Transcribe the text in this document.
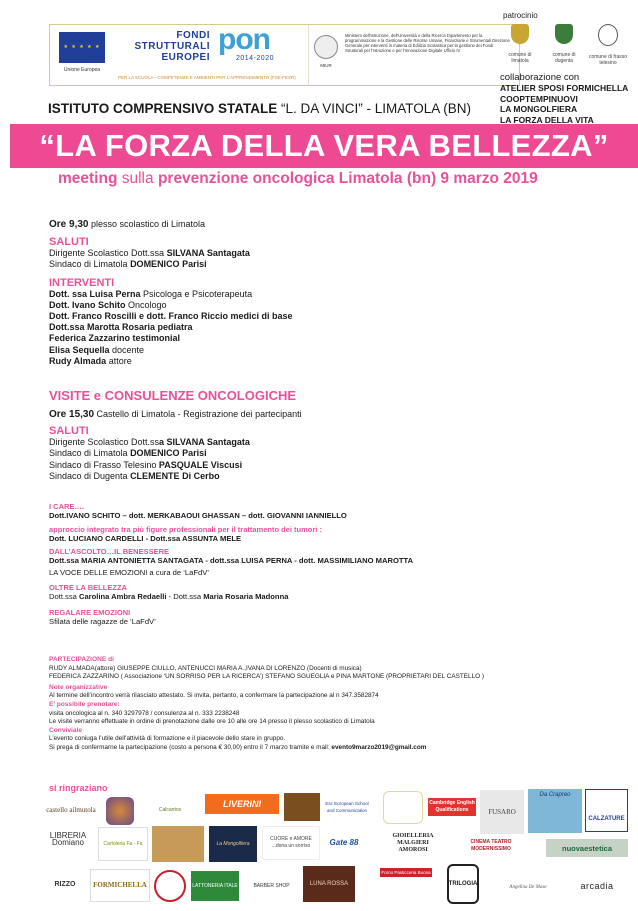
★ ★ ★ ★ ★
Unione Europea
FONDI
STRUTTURALI
EUROPEI
pon
2014-2020
PER LA SCUOLA - COMPETENZE E AMBIENTI PER L'APPRENDIMENTO (FSE-FESR)
MIUR
Ministero dell'Istruzione, dell'Università e della Ricerca Dipartimento per la programmazione e la Gestione delle Risorse Umane, Finanziarie e Strumentali Direzione Generale per interventi in materia di Edilizia Scolastica per la gestione dei Fondi Strutturali per l'Istruzione e per l'Innovazione Digitale Ufficio IV
patrocinio
comune di limatola
comune di dugenta
comune di frasso telesino
collaborazione con
ATELIER SPOSI FORMICHELLA
COOPTEMPINUOVI
LA MONGOLFIERA
LA FORZA DELLA VITA
ISTITUTO COMPRENSIVO STATALE “L. DA VINCI” - LIMATOLA (BN)
“LA FORZA DELLA VERA BELLEZZA”
meeting sulla prevenzione oncologica Limatola (bn) 9 marzo 2019
Ore 9,30 plesso scolastico di Limatola
SALUTI
Dirigente Scolastico Dott.ssa SILVANA Santagata
Sindaco di Limatola DOMENICO Parisi
INTERVENTI
Dott. ssa Luisa Perna Psicologa e Psicoterapeuta
Dott. Ivano Schito Oncologo
Dott. Franco Roscilli e dott. Franco Riccio medici di base
Dott.ssa Marotta Rosaria pediatra
Federica Zazzarino testimonial
Elisa Sequella docente
Rudy Almada attore
VISITE e CONSULENZE ONCOLOGICHE
Ore 15,30 Castello di Limatola - Registrazione dei partecipanti
SALUTI
Dirigente Scolastico Dott.ssa SILVANA Santagata
Sindaco di Limatola DOMENICO Parisi
Sindaco di Frasso Telesino PASQUALE Viscusi
Sindaco di Dugenta CLEMENTE Di Cerbo
I CARE….
Dott.IVANO SCHITO – dott. MERKABAOUI GHASSAN – dott. GIOVANNI IANNIELLO
approccio integrato tra più figure professionali per il trattamento dei tumori :
Dott. LUCIANO CARDELLI - Dott.ssa ASSUNTA MELE
DALL’ASCOLTO…IL BENESSERE
Dott.ssa MARIA ANTONIETTA SANTAGATA - dott.ssa LUISA PERNA - dott. MASSIMILIANO MAROTTA
LA VOCE DELLE EMOZIONI a cura de ‘LaFdV’
OLTRE LA BELLEZZA
Dott.ssa Carolina Ambra Redaelli - Dott.ssa Maria Rosaria Madonna
REGALARE EMOZIONI
Sfilata delle ragazze de ‘LaFdV’
PARTECIPAZIONE di
RUDY ALMADA(attore) GIUSEPPE CIULLO, ANTENUCCI MARIA A.,IVANA DI LORENZO (Docenti di musica)
FEDERICA ZAZZARINO ( Associazione ‘UN SORRISO PER LA RICERCA’) STEFANO SGUEGLIA e PINA MARTONE (PROPRIETARI DEL CASTELLO )
Note organizzative
Al termine dell’incontro verrà rilasciato attestato. Si invita, pertanto, a confermare la partecipazione al n 347.3582874
E’ possibile prenotare:
visita oncologica al n. 340 3297978 / consulenza al n. 333 2238248
Le visite verranno effettuate in ordine di prenotazione dalle ore 10 alle ore 14 presso il plesso scolastico di Limatola
Conviviale
L’evento coniuga l’utile dell’attività di formazione e il piacevole dello stare in gruppo.
Si prega di confermarne la partecipazione (costo a persona € 30,00) entro il 7 marzo tramite e mail: evento9marzo2019@gmail.com
si ringraziano
castello ailmutola	Calcantos
LIVERINI	Esc European School and Communication
Cambridge English Qualifications	FUSARO
Da Crapreo
CALZATURE
LIBRERIA Domiano	Cartoleria Fa - Fa	La Mongolfiera
CUORE e AMORE ...dona un sorriso	Gate 88
GIOIELLERIA MALGIERI AMOROSI
CINEMA TEATRO MODERNISSIMO	nuovaestetica
RIZZO	FORMICHELLA	LATTONERIA ITALE	BARBER SHOP	LUNA ROSSA
Forno Pasticceria Buona
TRILOGIA
Angelina De Mase	arcadia
